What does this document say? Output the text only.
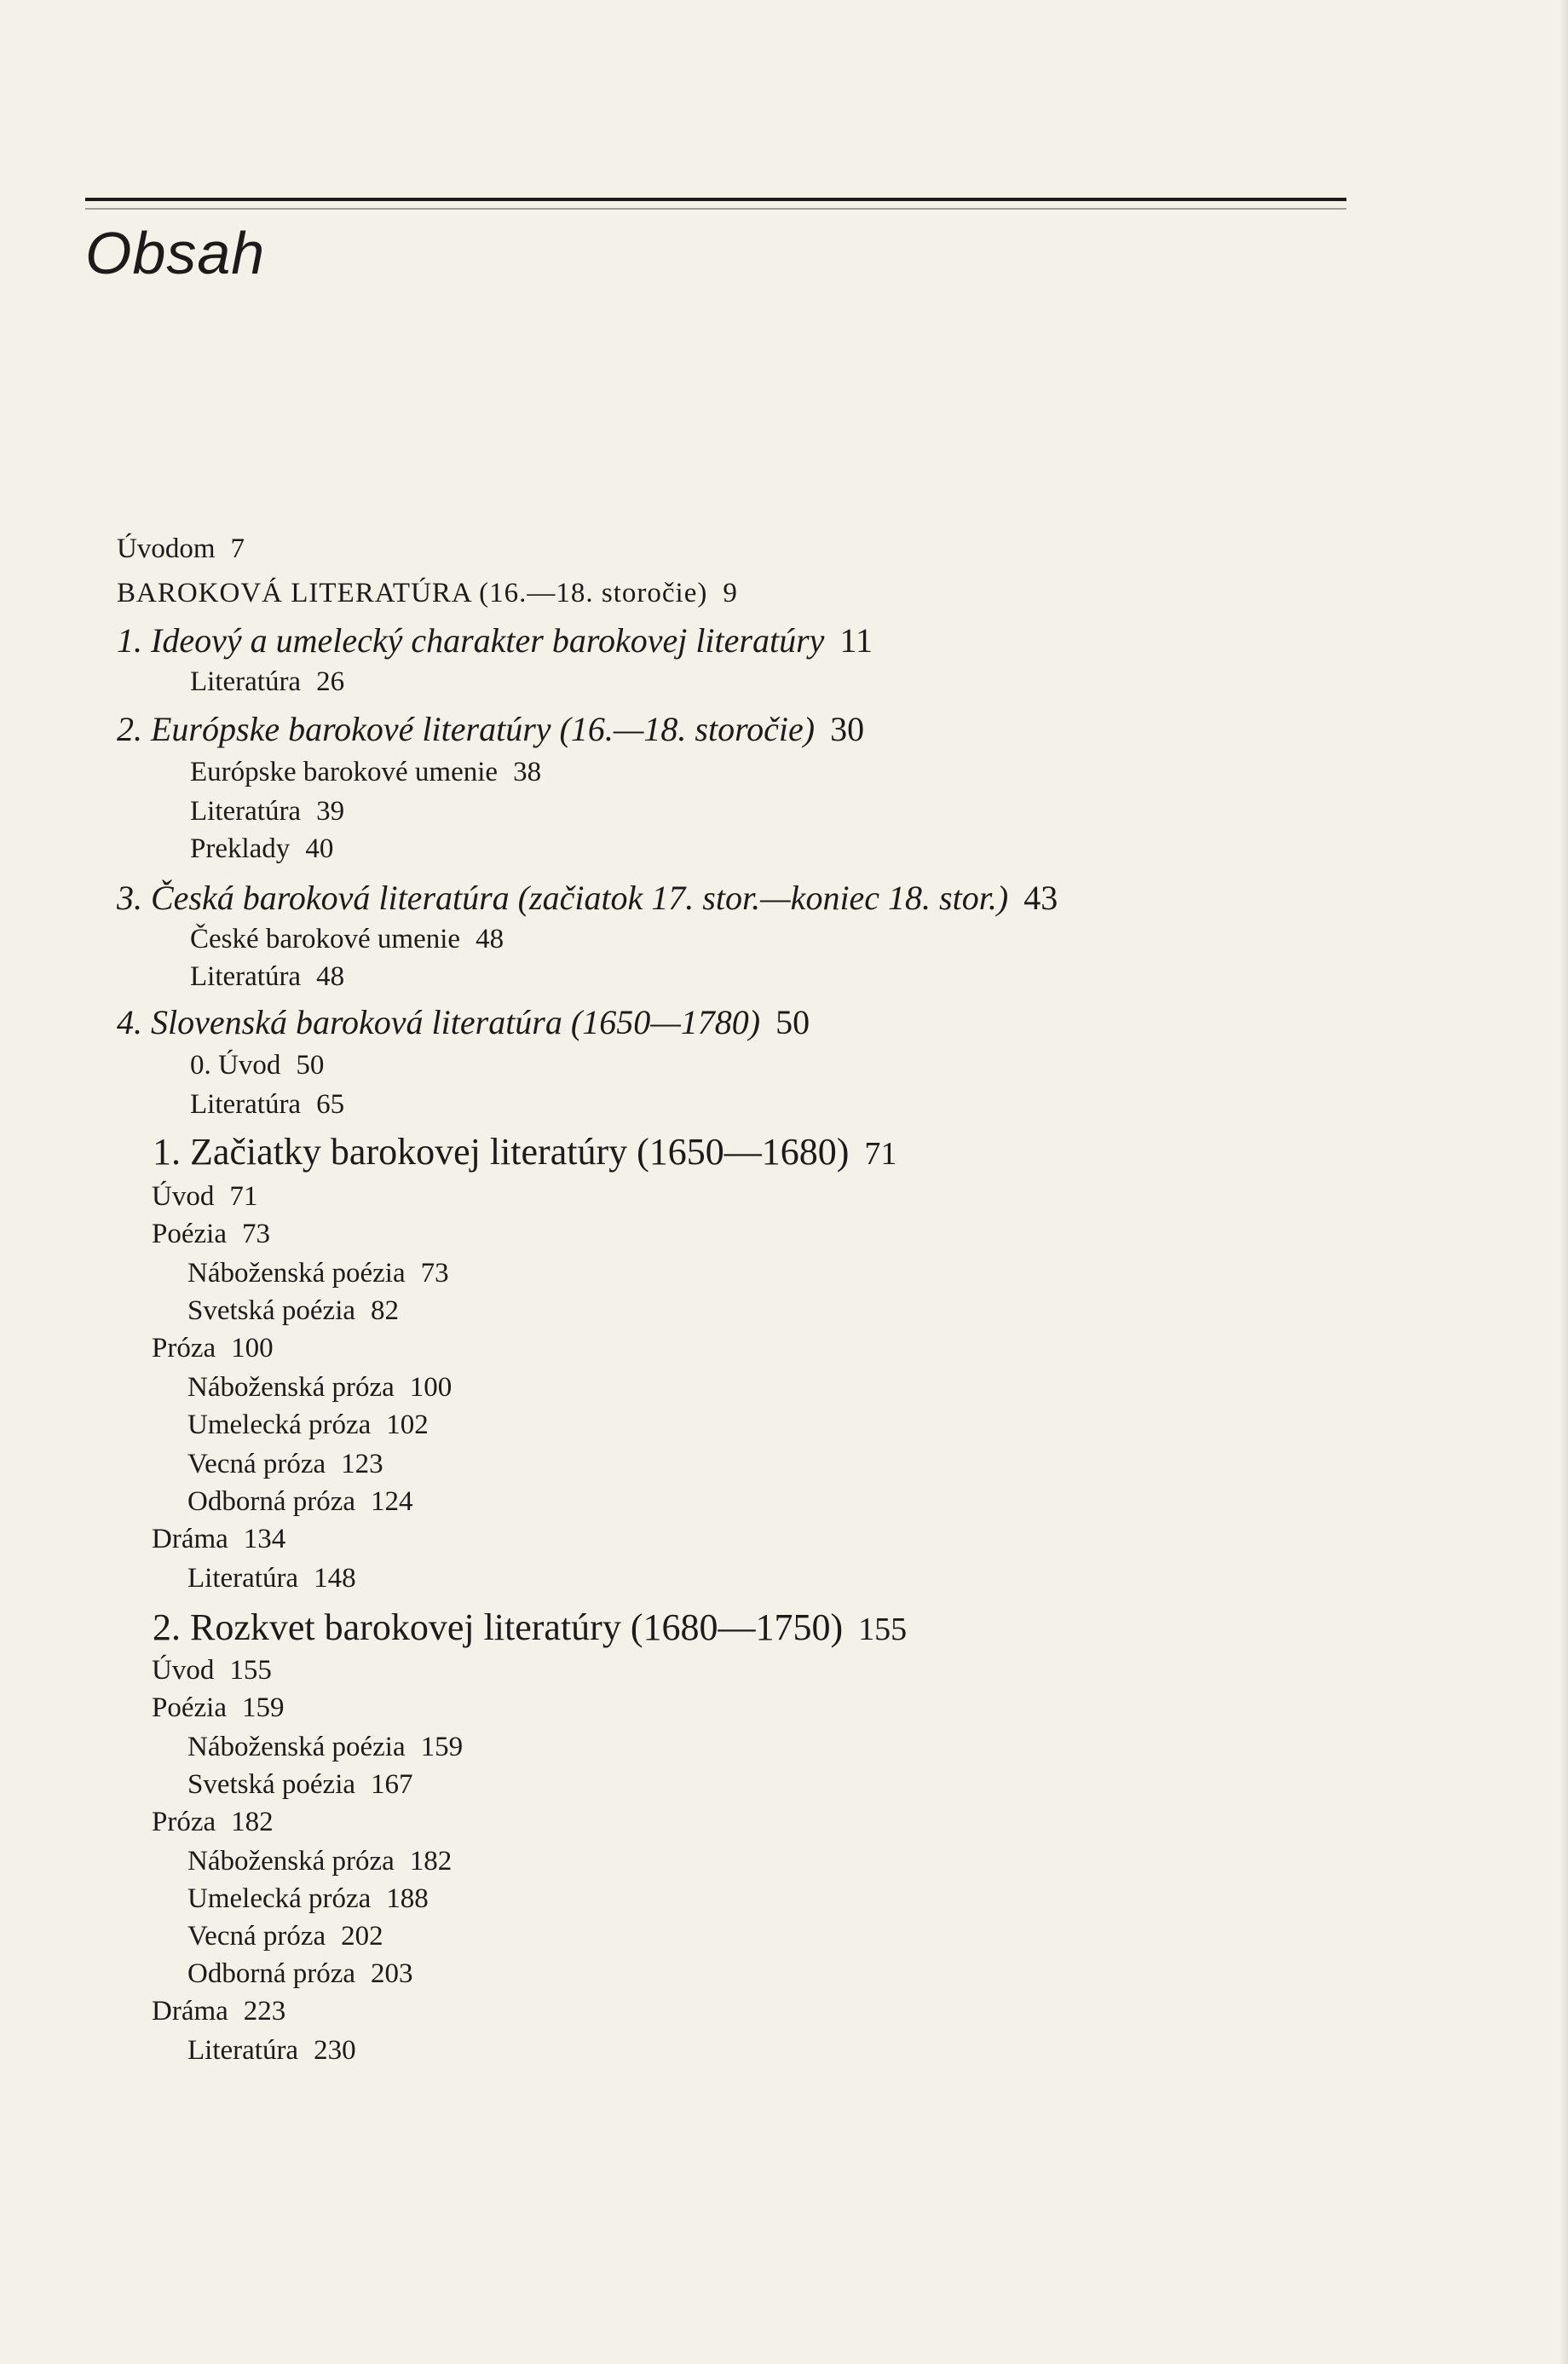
Obsah
Úvodom 7
BAROKOVÁ LITERATÚRA (16.—18. storočie) 9
1. Ideový a umelecký charakter barokovej literatúry 11
Literatúra 26
2. Európske barokové literatúry (16.—18. storočie) 30
Európske barokové umenie 38
Literatúra 39
Preklady 40
3. Česká baroková literatúra (začiatok 17. stor.—koniec 18. stor.) 43
České barokové umenie 48
Literatúra 48
4. Slovenská baroková literatúra (1650—1780) 50
0. Úvod 50
Literatúra 65
1. Začiatky barokovej literatúry (1650—1680) 71
Úvod 71
Poézia 73
Náboženská poézia 73
Svetská poézia 82
Próza 100
Náboženská próza 100
Umelecká próza 102
Vecná próza 123
Odborná próza 124
Dráma 134
Literatúra 148
2. Rozkvet barokovej literatúry (1680—1750) 155
Úvod 155
Poézia 159
Náboženská poézia 159
Svetská poézia 167
Próza 182
Náboženská próza 182
Umelecká próza 188
Vecná próza 202
Odborná próza 203
Dráma 223
Literatúra 230
